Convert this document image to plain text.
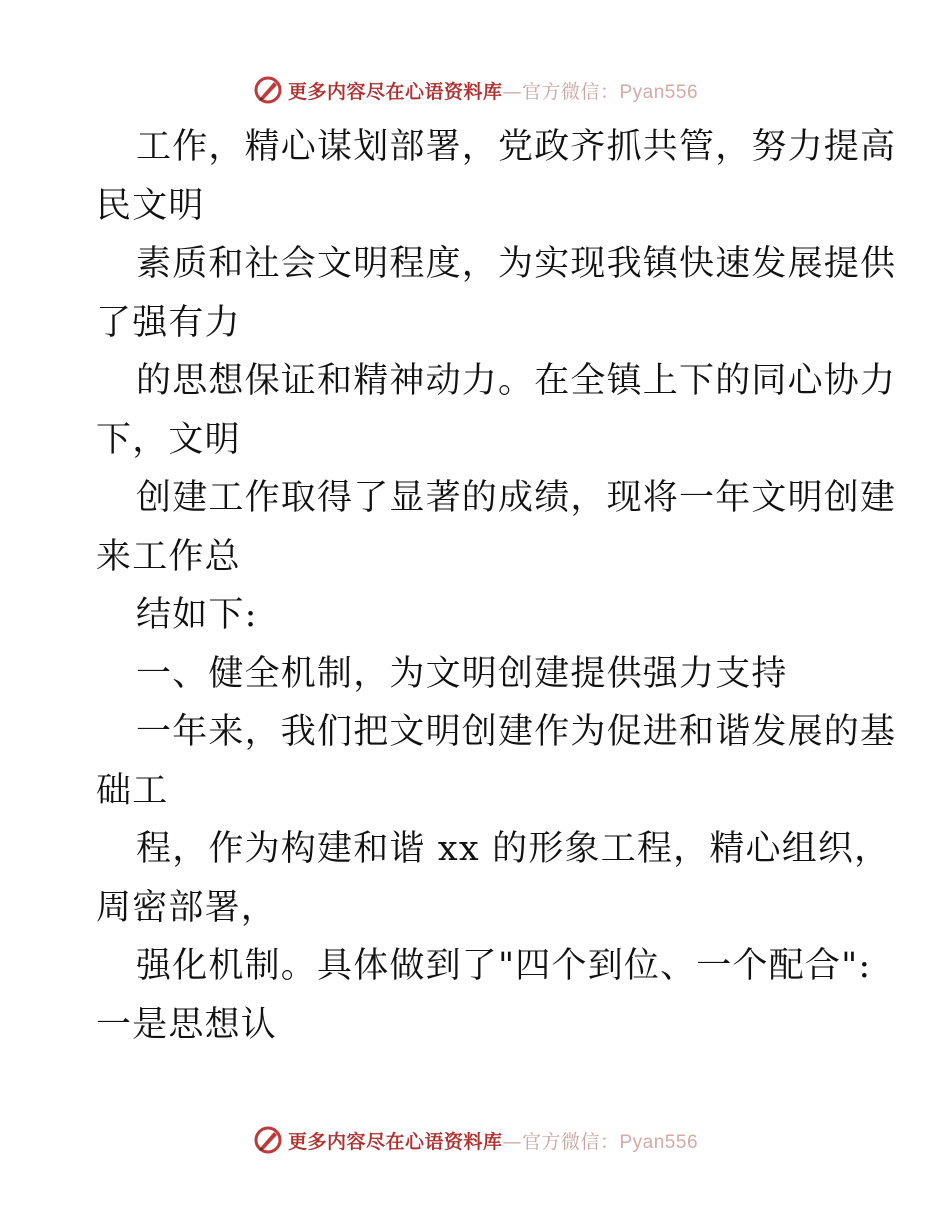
更多内容尽在心语资料库—官方微信：Pyan556
工作，精心谋划部署，党政齐抓共管，努力提高
民文明
素质和社会文明程度，为实现我镇快速发展提供
了强有力
的思想保证和精神动力。在全镇上下的同心协力
下，文明
创建工作取得了显著的成绩，现将一年文明创建
来工作总
结如下:
一、健全机制，为文明创建提供强力支持
一年来，我们把文明创建作为促进和谐发展的基
础工
程，作为构建和谐 xx 的形象工程，精心组织，
周密部署，
强化机制。具体做到了"四个到位、一个配合":
一是思想认
更多内容尽在心语资料库—官方微信：Pyan556
